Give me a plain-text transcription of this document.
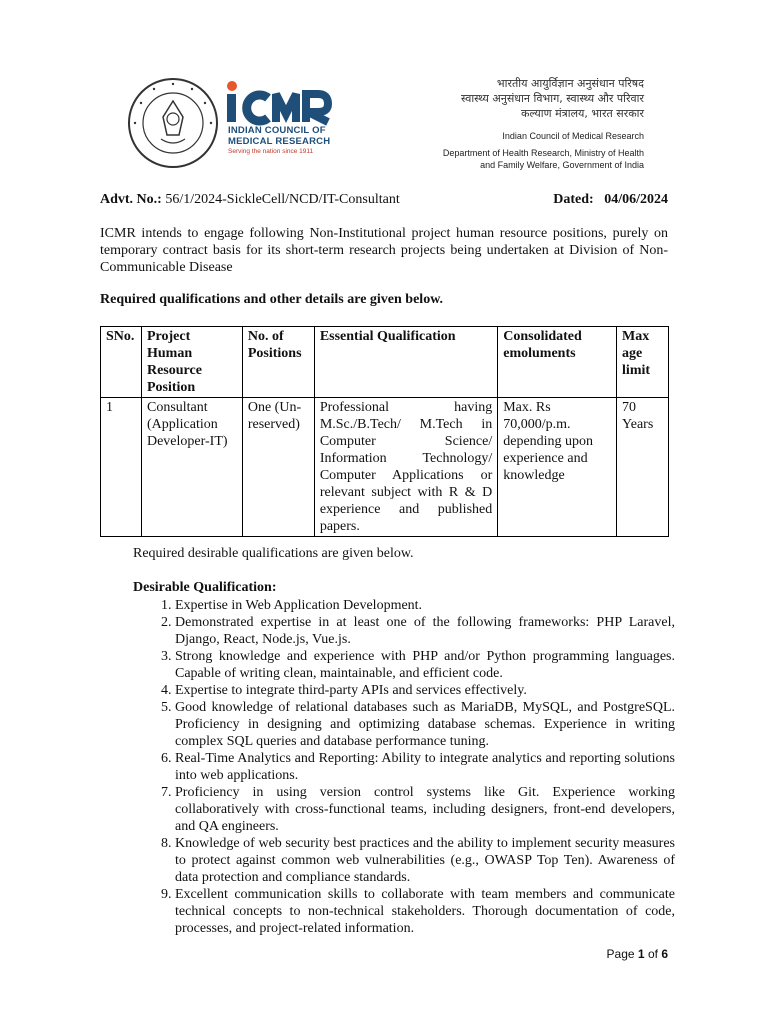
INDIAN COUNCIL OF
MEDICAL RESEARCH
Serving the nation since 1911
भारतीय आयुर्विज्ञान अनुसंधान परिषद
स्वास्थ्य अनुसंधान विभाग, स्वास्थ्य और परिवार
कल्याण मंत्रालय, भारत सरकार
Indian Council of Medical Research
Department of Health Research, Ministry of Health
and Family Welfare, Government of India
Advt. No.: 56/1/2024-SickleCell/NCD/IT-Consultant	Dated: 04/06/2024
ICMR intends to engage following Non-Institutional project human resource positions, purely on temporary contract basis for its short-term research projects being undertaken at Division of Non-Communicable Disease
Required qualifications and other details are given below.
SNo.	Project Human Resource Position	No. of Positions	Essential Qualification	Consolidated emoluments	Max age limit
1	Consultant (Application Developer-IT)	One (Un-reserved)	Professional having M.Sc./B.Tech/ M.Tech in Computer Science/ Information Technology/ Computer Applications or relevant subject with R & D experience and published papers.	Max. Rs 70,000/p.m. depending upon experience and knowledge	70 Years
Required desirable qualifications are given below.
Desirable Qualification:
1. Expertise in Web Application Development.
2. Demonstrated expertise in at least one of the following frameworks: PHP Laravel, Django, React, Node.js, Vue.js.
3. Strong knowledge and experience with PHP and/or Python programming languages. Capable of writing clean, maintainable, and efficient code.
4. Expertise to integrate third-party APIs and services effectively.
5. Good knowledge of relational databases such as MariaDB, MySQL, and PostgreSQL. Proficiency in designing and optimizing database schemas. Experience in writing complex SQL queries and database performance tuning.
6. Real-Time Analytics and Reporting: Ability to integrate analytics and reporting solutions into web applications.
7. Proficiency in using version control systems like Git. Experience working collaboratively with cross-functional teams, including designers, front-end developers, and QA engineers.
8. Knowledge of web security best practices and the ability to implement security measures to protect against common web vulnerabilities (e.g., OWASP Top Ten). Awareness of data protection and compliance standards.
9. Excellent communication skills to collaborate with team members and communicate technical concepts to non-technical stakeholders. Thorough documentation of code, processes, and project-related information.
Page 1 of 6
